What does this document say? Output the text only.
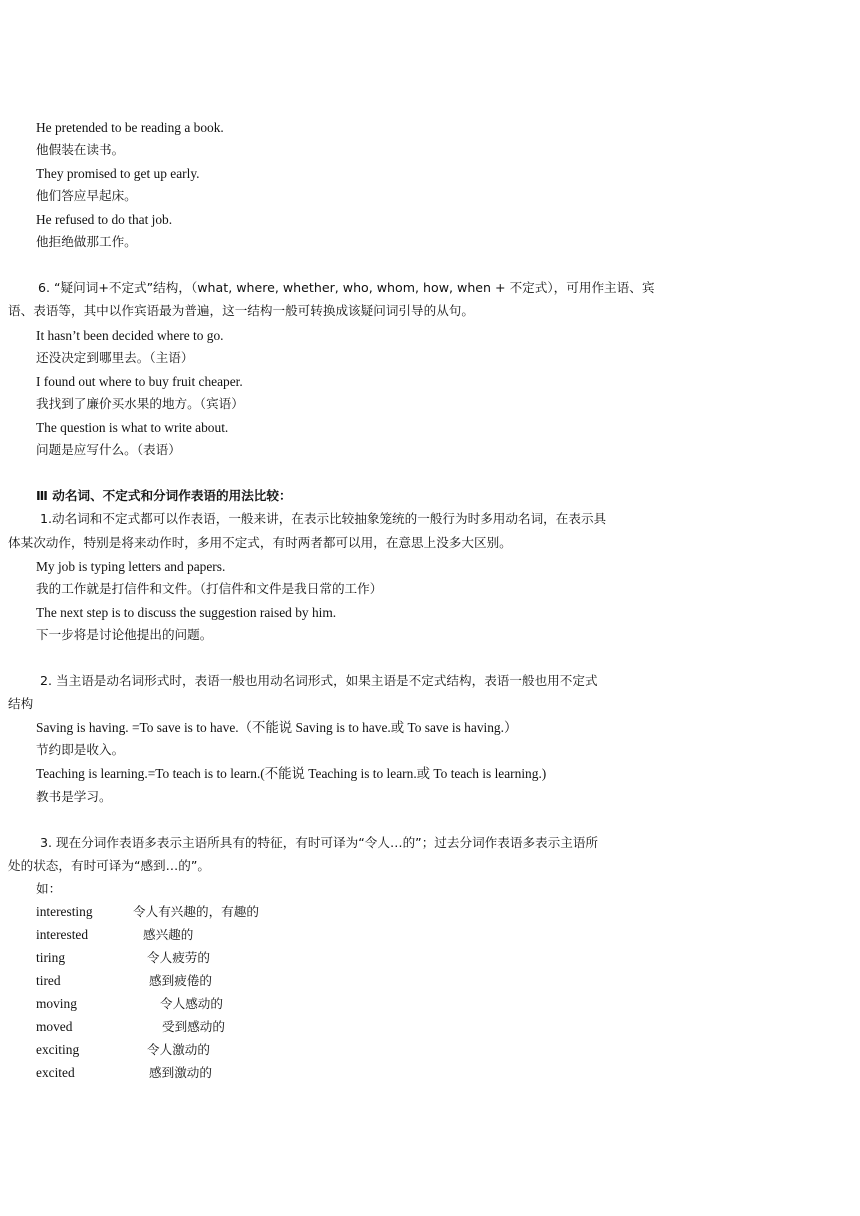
He pretended to be reading a book.
他假装在读书。
They promised to get up early.
他们答应早起床。
He refused to do that job.
他拒绝做那工作。
6. “疑问词+不定式”结构，（what, where, whether, who, whom, how, when + 不定式），可用作主语、宾
语、表语等，其中以作宾语最为普遍，这一结构一般可转换成该疑问词引导的从句。
It hasn’t been decided where to go.
还没决定到哪里去。（主语）
I found out where to buy fruit cheaper.
我找到了廉价买水果的地方。（宾语）
The question is what to write about.
问题是应写什么。（表语）
Ⅲ 动名词、不定式和分词作表语的用法比较：
1.动名词和不定式都可以作表语，一般来讲，在表示比较抽象笼统的一般行为时多用动名词，在表示具
体某次动作，特别是将来动作时，多用不定式，有时两者都可以用，在意思上没多大区别。
My job is typing letters and papers.
我的工作就是打信件和文件。（打信件和文件是我日常的工作）
The next step is to discuss the suggestion raised by him.
下一步将是讨论他提出的问题。
2. 当主语是动名词形式时，表语一般也用动名词形式，如果主语是不定式结构，表语一般也用不定式
结构
Saving is having. =To save is to have.（不能说 Saving is to have.或 To save is having.）
节约即是收入。
Teaching is learning.=To teach is to learn.(不能说 Teaching is to learn.或 To teach is learning.)
教书是学习。
3. 现在分词作表语多表示主语所具有的特征，有时可译为“令人…的”；过去分词作表语多表示主语所
处的状态，有时可译为“感到…的”。
如：
interesting	令人有兴趣的，有趣的
interested	感兴趣的
tiring	令人疲劳的
tired	感到疲倦的
moving	令人感动的
moved	受到感动的
exciting	令人激动的
excited	感到激动的
